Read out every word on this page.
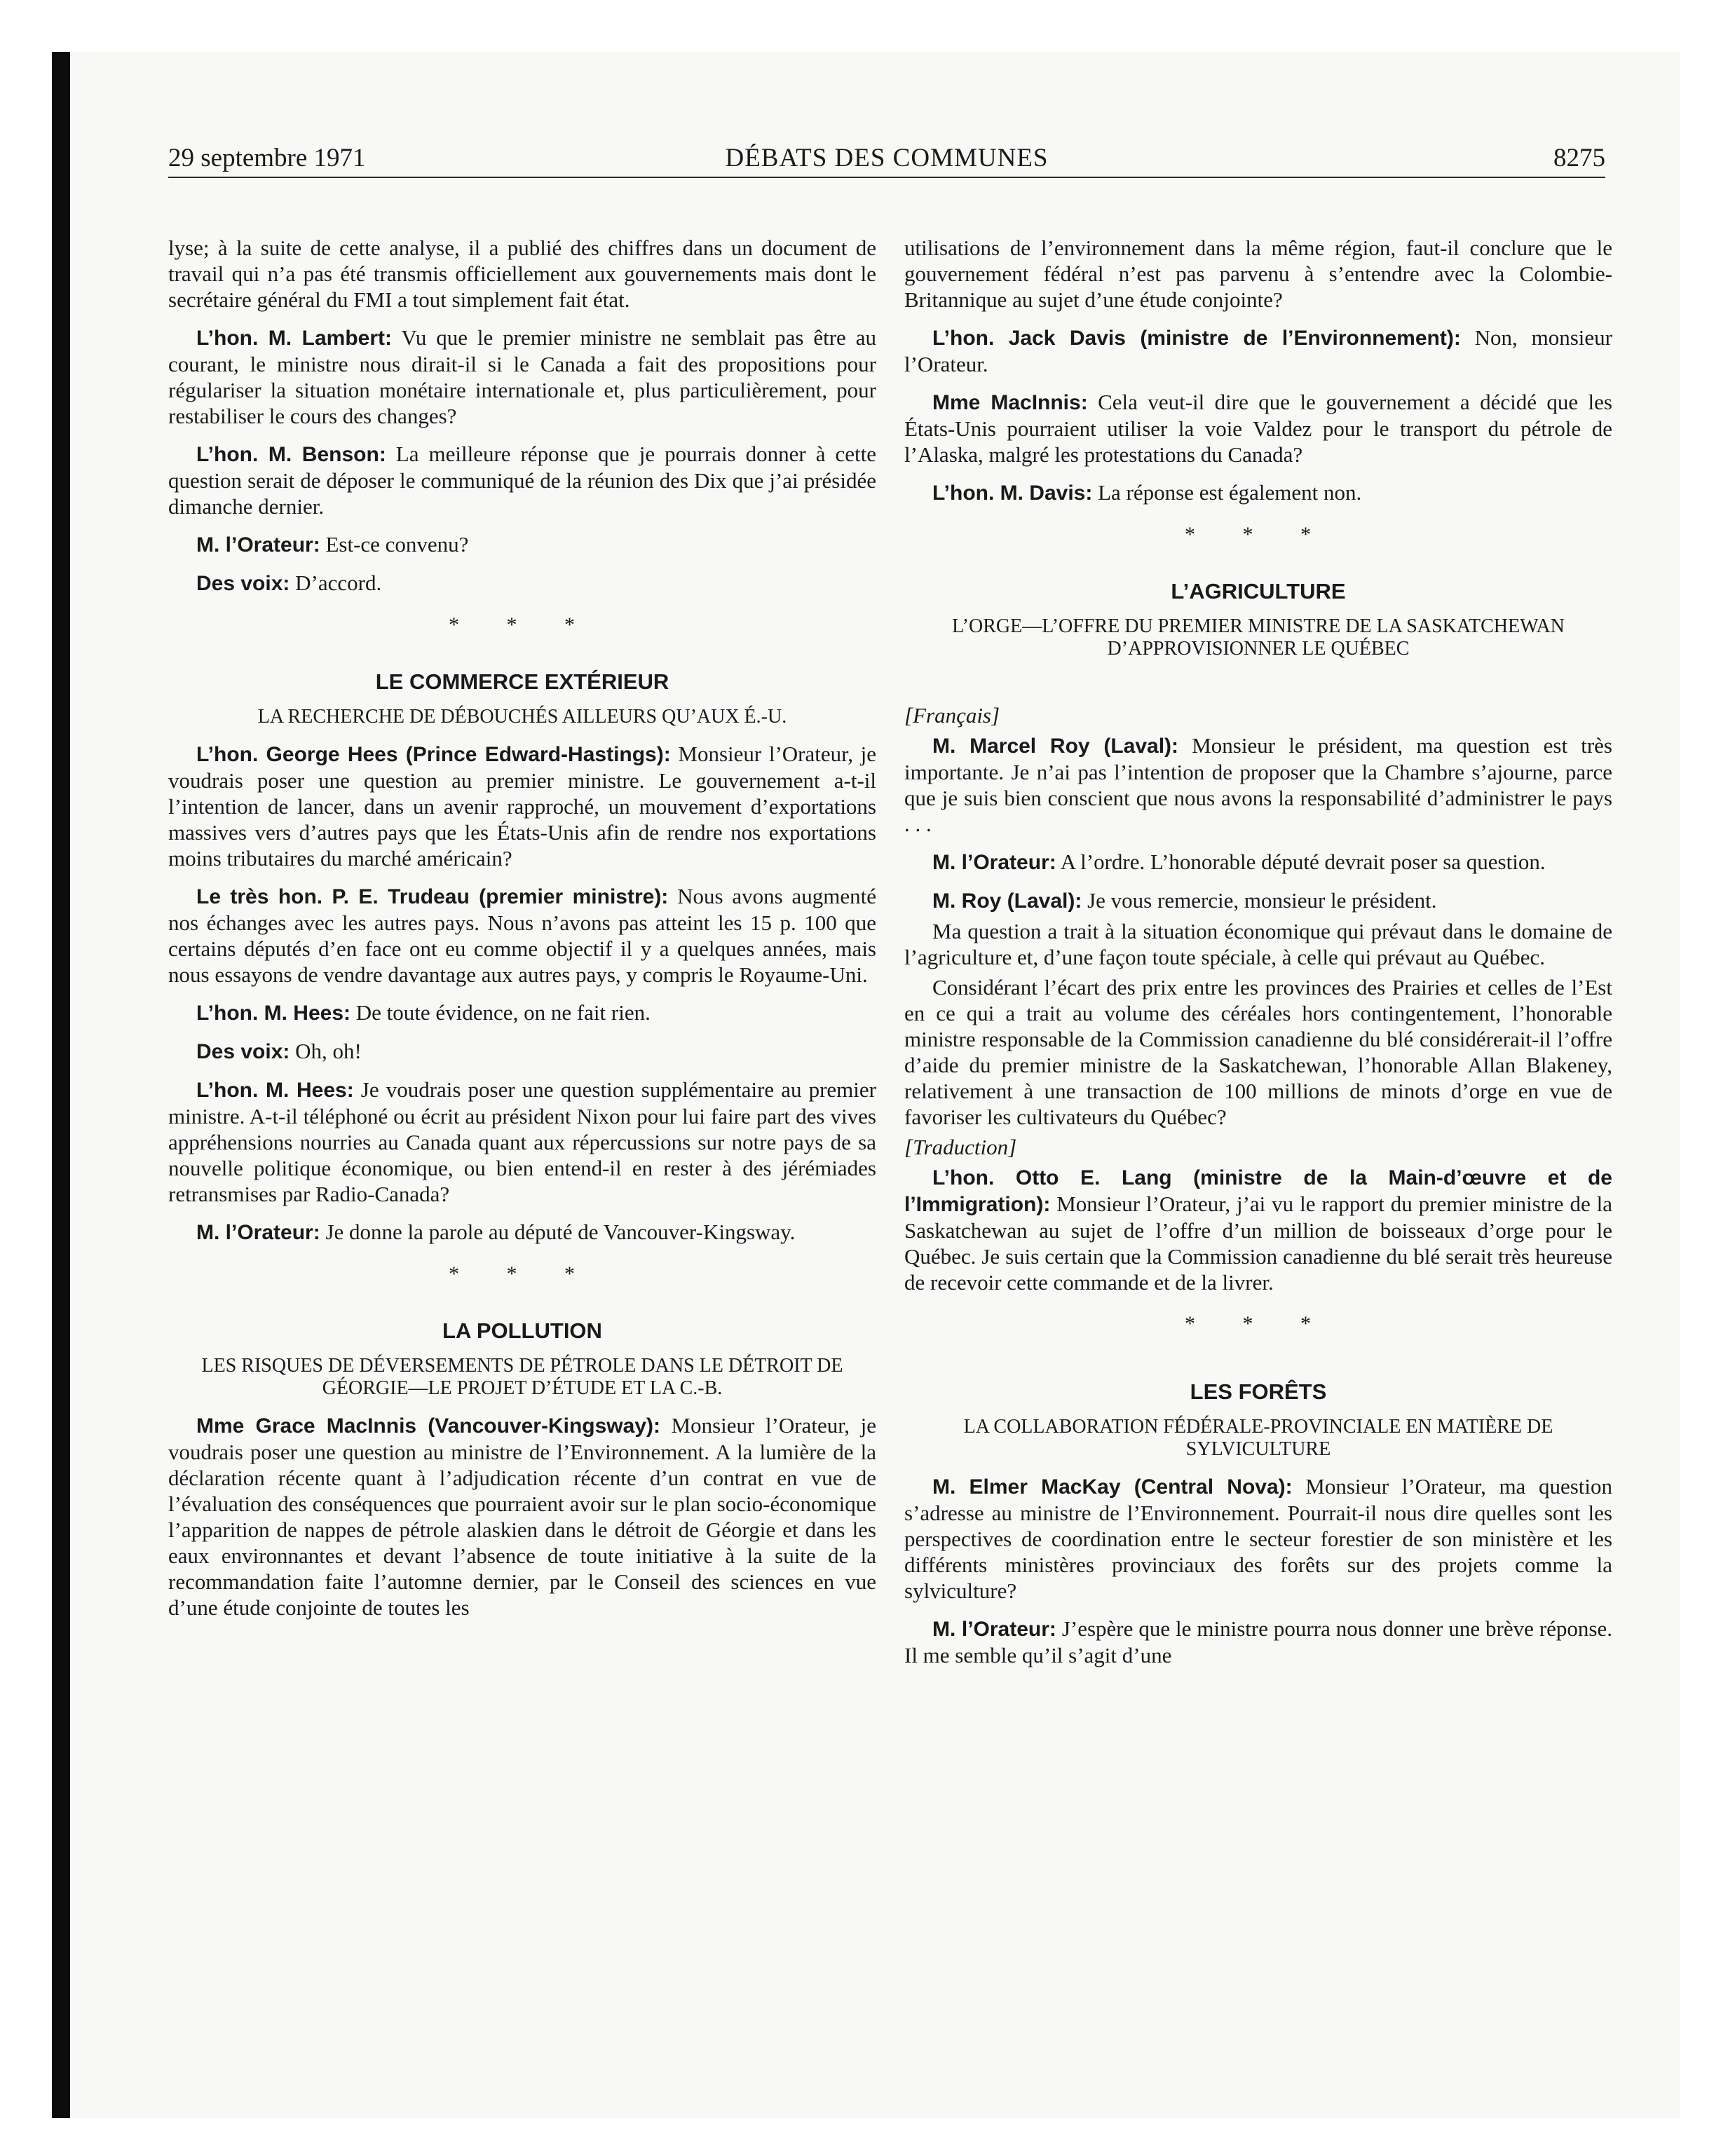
29 septembre 1971	DÉBATS DES COMMUNES	8275

lyse; à la suite de cette analyse, il a publié des chiffres dans un document de travail qui n’a pas été transmis officiellement aux gouvernements mais dont le secrétaire général du FMI a tout simplement fait état.

L’hon. M. Lambert: Vu que le premier ministre ne semblait pas être au courant, le ministre nous dirait-il si le Canada a fait des propositions pour régulariser la situation monétaire internationale et, plus particulièrement, pour restabiliser le cours des changes?

L’hon. M. Benson: La meilleure réponse que je pourrais donner à cette question serait de déposer le communiqué de la réunion des Dix que j’ai présidée dimanche dernier.

M. l’Orateur: Est-ce convenu?

Des voix: D’accord.

* * *
LE COMMERCE EXTÉRIEUR
LA RECHERCHE DE DÉBOUCHÉS AILLEURS QU’AUX É.-U.

L’hon. George Hees (Prince Edward-Hastings): Monsieur l’Orateur, je voudrais poser une question au premier ministre. Le gouvernement a-t-il l’intention de lancer, dans un avenir rapproché, un mouvement d’exportations massives vers d’autres pays que les États-Unis afin de rendre nos exportations moins tributaires du marché américain?

Le très hon. P. E. Trudeau (premier ministre): Nous avons augmenté nos échanges avec les autres pays. Nous n’avons pas atteint les 15 p. 100 que certains députés d’en face ont eu comme objectif il y a quelques années, mais nous essayons de vendre davantage aux autres pays, y compris le Royaume-Uni.

L’hon. M. Hees: De toute évidence, on ne fait rien.

Des voix: Oh, oh!

L’hon. M. Hees: Je voudrais poser une question supplémentaire au premier ministre. A-t-il téléphoné ou écrit au président Nixon pour lui faire part des vives appréhensions nourries au Canada quant aux répercussions sur notre pays de sa nouvelle politique économique, ou bien entend-il en rester à des jérémiades retransmises par Radio-Canada?

M. l’Orateur: Je donne la parole au député de Vancouver-Kingsway.

* * *
LA POLLUTION
LES RISQUES DE DÉVERSEMENTS DE PÉTROLE DANS LE DÉTROIT DE GÉORGIE—LE PROJET D’ÉTUDE ET LA C.-B.

Mme Grace MacInnis (Vancouver-Kingsway): Monsieur l’Orateur, je voudrais poser une question au ministre de l’Environnement. A la lumière de la déclaration récente quant à l’adjudication récente d’un contrat en vue de l’évaluation des conséquences que pourraient avoir sur le plan socio-économique l’apparition de nappes de pétrole alaskien dans le détroit de Géorgie et dans les eaux environnantes et devant l’absence de toute initiative à la suite de la recommandation faite l’automne dernier, par le Conseil des sciences en vue d’une étude conjointe de toutes les

utilisations de l’environnement dans la même région, faut-il conclure que le gouvernement fédéral n’est pas parvenu à s’entendre avec la Colombie-Britannique au sujet d’une étude conjointe?

L’hon. Jack Davis (ministre de l’Environnement): Non, monsieur l’Orateur.

Mme MacInnis: Cela veut-il dire que le gouvernement a décidé que les États-Unis pourraient utiliser la voie Valdez pour le transport du pétrole de l’Alaska, malgré les protestations du Canada?

L’hon. M. Davis: La réponse est également non.

* * *
L’AGRICULTURE
L’ORGE—L’OFFRE DU PREMIER MINISTRE DE LA SASKATCHEWAN D’APPROVISIONNER LE QUÉBEC

[Français]

M. Marcel Roy (Laval): Monsieur le président, ma question est très importante. Je n’ai pas l’intention de proposer que la Chambre s’ajourne, parce que je suis bien conscient que nous avons la responsabilité d’administrer le pays . . .

M. l’Orateur: A l’ordre. L’honorable député devrait poser sa question.

M. Roy (Laval): Je vous remercie, monsieur le président.

Ma question a trait à la situation économique qui prévaut dans le domaine de l’agriculture et, d’une façon toute spéciale, à celle qui prévaut au Québec.

Considérant l’écart des prix entre les provinces des Prairies et celles de l’Est en ce qui a trait au volume des céréales hors contingentement, l’honorable ministre responsable de la Commission canadienne du blé considérerait-il l’offre d’aide du premier ministre de la Saskatchewan, l’honorable Allan Blakeney, relativement à une transaction de 100 millions de minots d’orge en vue de favoriser les cultivateurs du Québec?

[Traduction]

L’hon. Otto E. Lang (ministre de la Main-d’œuvre et de l’Immigration): Monsieur l’Orateur, j’ai vu le rapport du premier ministre de la Saskatchewan au sujet de l’offre d’un million de boisseaux d’orge pour le Québec. Je suis certain que la Commission canadienne du blé serait très heureuse de recevoir cette commande et de la livrer.

* * *
LES FORÊTS
LA COLLABORATION FÉDÉRALE-PROVINCIALE EN MATIÈRE DE SYLVICULTURE

M. Elmer MacKay (Central Nova): Monsieur l’Orateur, ma question s’adresse au ministre de l’Environnement. Pourrait-il nous dire quelles sont les perspectives de coordination entre le secteur forestier de son ministère et les différents ministères provinciaux des forêts sur des projets comme la sylviculture?

M. l’Orateur: J’espère que le ministre pourra nous donner une brève réponse. Il me semble qu’il s’agit d’une
